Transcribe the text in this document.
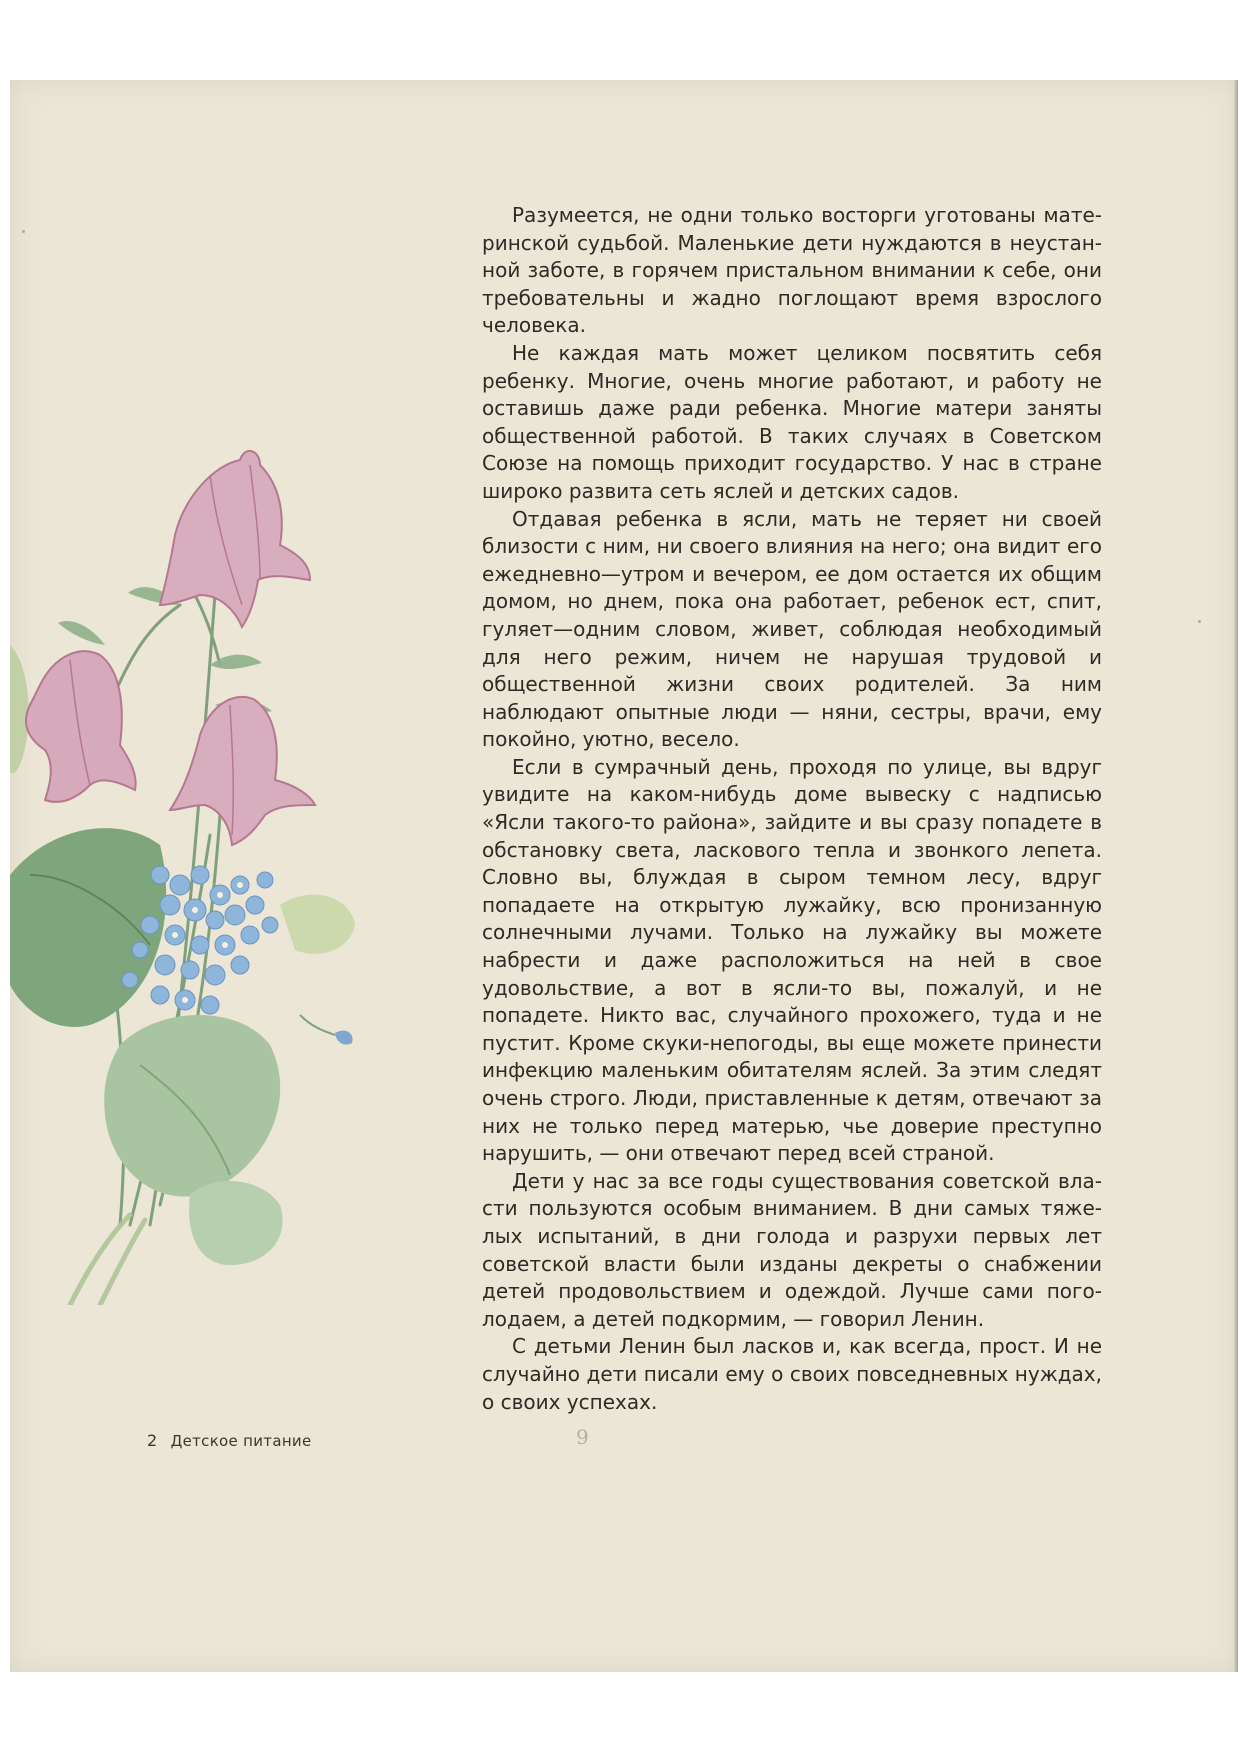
Разумеется, не одни только восторги уготованы материнской судьбой. Маленькие дети нуждаются в неустанной заботе, в горячем пристальном внимании к себе, они требовательны и жадно поглощают время взрослого человека.

Не каждая мать может целиком посвятить себя ребенку. Многие, очень многие работают, и работу не оставишь даже ради ребенка. Многие матери заняты общественной работой. В таких случаях в Советском Союзе на помощь приходит государство. У нас в стране широко развита сеть яслей и детских садов.

Отдавая ребенка в ясли, мать не теряет ни своей близости с ним, ни своего влияния на него; она видит его ежедневно—утром и вечером, ее дом остается их общим домом, но днем, пока она работает, ребенок ест, спит, гуляет—одним словом, живет, соблюдая необходимый для него режим, ничем не нарушая трудовой и общественной жизни своих родителей. За ним наблюдают опытные люди — няни, сестры, врачи, ему покойно, уютно, весело.

Если в сумрачный день, проходя по улице, вы вдруг увидите на каком-нибудь доме вывеску с надписью «Ясли такого-то района», зайдите и вы сразу попадете в обстановку света, ласкового тепла и звонкого лепета. Словно вы, блуждая в сыром темном лесу, вдруг попадаете на открытую лужайку, всю пронизанную солнечными лучами. Только на лужайку вы можете набрести и даже расположиться на ней в свое удовольствие, а вот в ясли-то вы, пожалуй, и не попадете. Никто вас, случайного прохожего, туда и не пустит. Кроме скуки-непогоды, вы еще можете принести инфекцию маленьким обитателям яслей. За этим следят очень строго. Люди, приставленные к детям, отвечают за них не только перед матерью, чье доверие преступно нарушить, — они отвечают перед всей страной.

Дети у нас за все годы существования советской власти пользуются особым вниманием. В дни самых тяжелых испытаний, в дни голода и разрухи первых лет советской власти были изданы декреты о снабжении детей продовольствием и одеждой. Лучше сами поголодаем, а детей подкормим, — говорил Ленин.

С детьми Ленин был ласков и, как всегда, прост. И не случайно дети писали ему о своих повседневных нуждах, о своих успехах.

2 Детское питание	9
